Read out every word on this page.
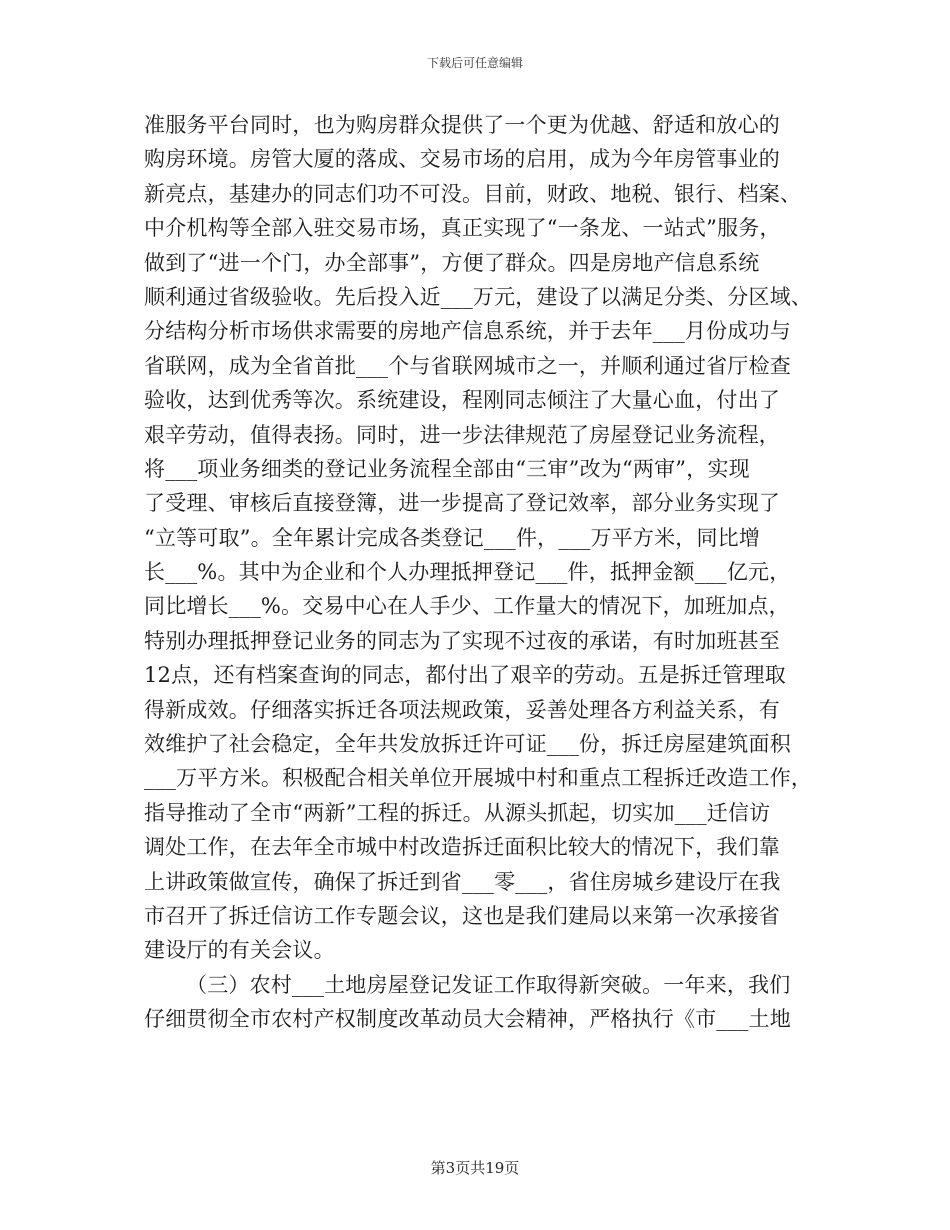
下载后可任意编辑
准服务平台同时，也为购房群众提供了一个更为优越、舒适和放心的
购房环境。房管大厦的落成、交易市场的启用，成为今年房管事业的
新亮点，基建办的同志们功不可没。目前，财政、地税、银行、档案、
中介机构等全部入驻交易市场，真正实现了“一条龙、一站式”服务，
做到了“进一个门，办全部事”，方便了群众。四是房地产信息系统
顺利通过省级验收。先后投入近___万元，建设了以满足分类、分区域、
分结构分析市场供求需要的房地产信息系统，并于去年___月份成功与
省联网，成为全省首批___个与省联网城市之一，并顺利通过省厅检查
验收，达到优秀等次。系统建设，程刚同志倾注了大量心血，付出了
艰辛劳动，值得表扬。同时，进一步法律规范了房屋登记业务流程，
将___项业务细类的登记业务流程全部由“三审”改为“两审”，实现
了受理、审核后直接登簿，进一步提高了登记效率，部分业务实现了
“立等可取”。全年累计完成各类登记___件，___万平方米，同比增
长___%。其中为企业和个人办理抵押登记___件，抵押金额___亿元，
同比增长___%。交易中心在人手少、工作量大的情况下，加班加点，
特别办理抵押登记业务的同志为了实现不过夜的承诺，有时加班甚至
12点，还有档案查询的同志，都付出了艰辛的劳动。五是拆迁管理取
得新成效。仔细落实拆迁各项法规政策，妥善处理各方利益关系，有
效维护了社会稳定，全年共发放拆迁许可证___份，拆迁房屋建筑面积
___万平方米。积极配合相关单位开展城中村和重点工程拆迁改造工作，
指导推动了全市“两新”工程的拆迁。从源头抓起，切实加___迁信访
调处工作，在去年全市城中村改造拆迁面积比较大的情况下，我们靠
上讲政策做宣传，确保了拆迁到省___零___，省住房城乡建设厅在我
市召开了拆迁信访工作专题会议，这也是我们建局以来第一次承接省
建设厅的有关会议。
（三）农村___土地房屋登记发证工作取得新突破。一年来，我们
仔细贯彻全市农村产权制度改革动员大会精神，严格执行《市___土地
第3页共19页
